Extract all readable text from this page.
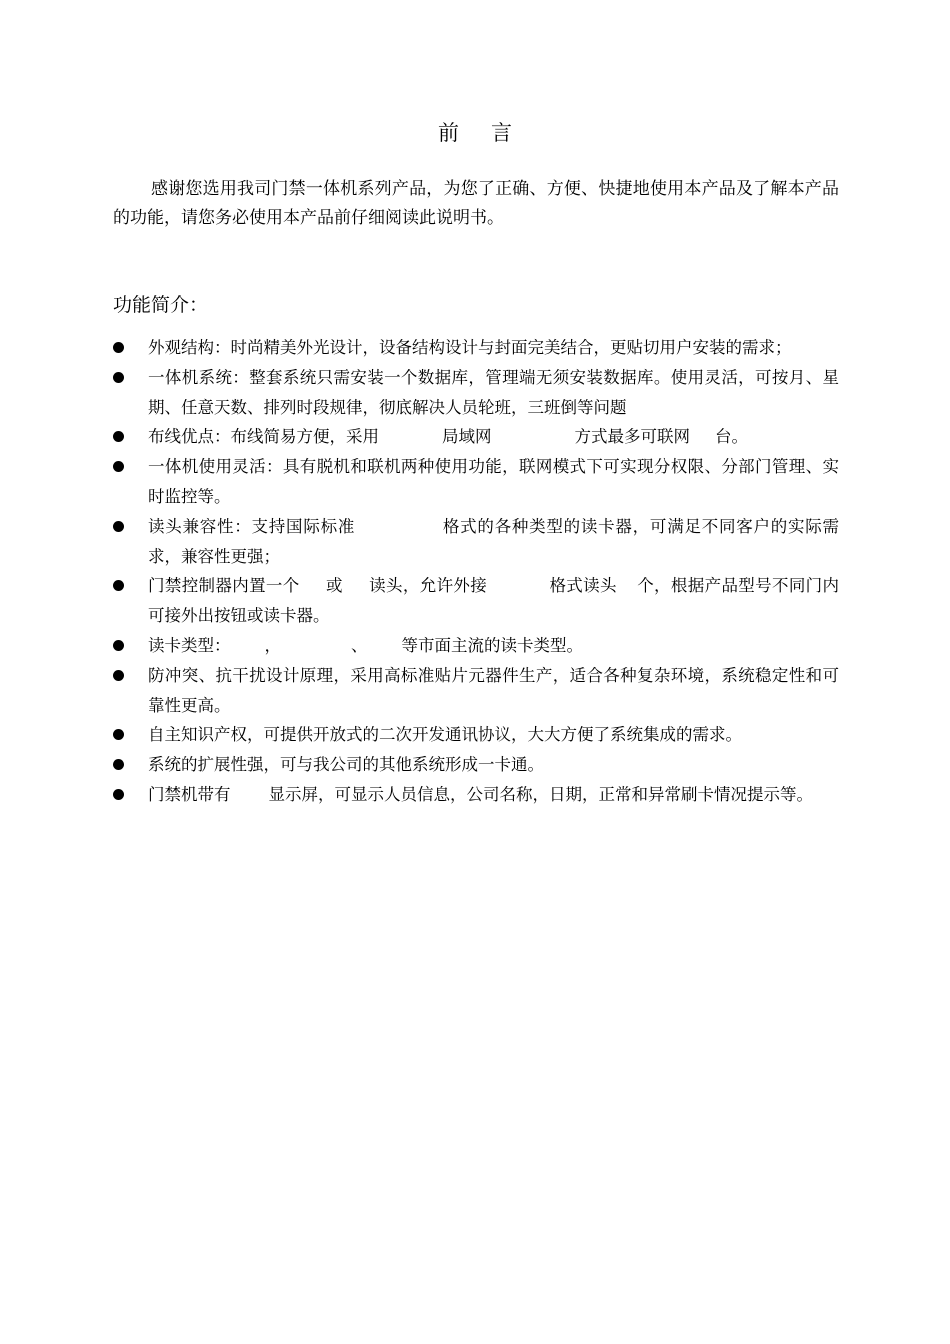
前言

感谢您选用我司门禁一体机系列产品，为您了正确、方便、快捷地使用本产品及了解本产品的功能，请您务必使用本产品前仔细阅读此说明书。

功能简介：
外观结构：时尚精美外光设计，设备结构设计与封面完美结合，更贴切用户安装的需求；
一体机系统：整套系统只需安装一个数据库，管理端无须安装数据库。使用灵活，可按月、星期、任意天数、排列时段规律，彻底解决人员轮班，三班倒等问题
布线优点：布线简易方便，采用	局域网	方式最多可联网 台。
一体机使用灵活：具有脱机和联机两种使用功能，联网模式下可实现分权限、分部门管理、实时监控等。
读头兼容性：支持国际标准	格式的各种类型的读卡器，可满足不同客户的实际需求，兼容性更强；
门禁控制器内置一个 或 读头，允许外接	格式读头 个，根据产品型号不同门内可接外出按钮或读卡器。
读卡类型： ，	、 等市面主流的读卡类型。
防冲突、抗干扰设计原理，采用高标准贴片元器件生产，适合各种复杂环境，系统稳定性和可靠性更高。
自主知识产权，可提供开放式的二次开发通讯协议，大大方便了系统集成的需求。
系统的扩展性强，可与我公司的其他系统形成一卡通。
门禁机带有 显示屏，可显示人员信息，公司名称，日期，正常和异常刷卡情况提示等。
